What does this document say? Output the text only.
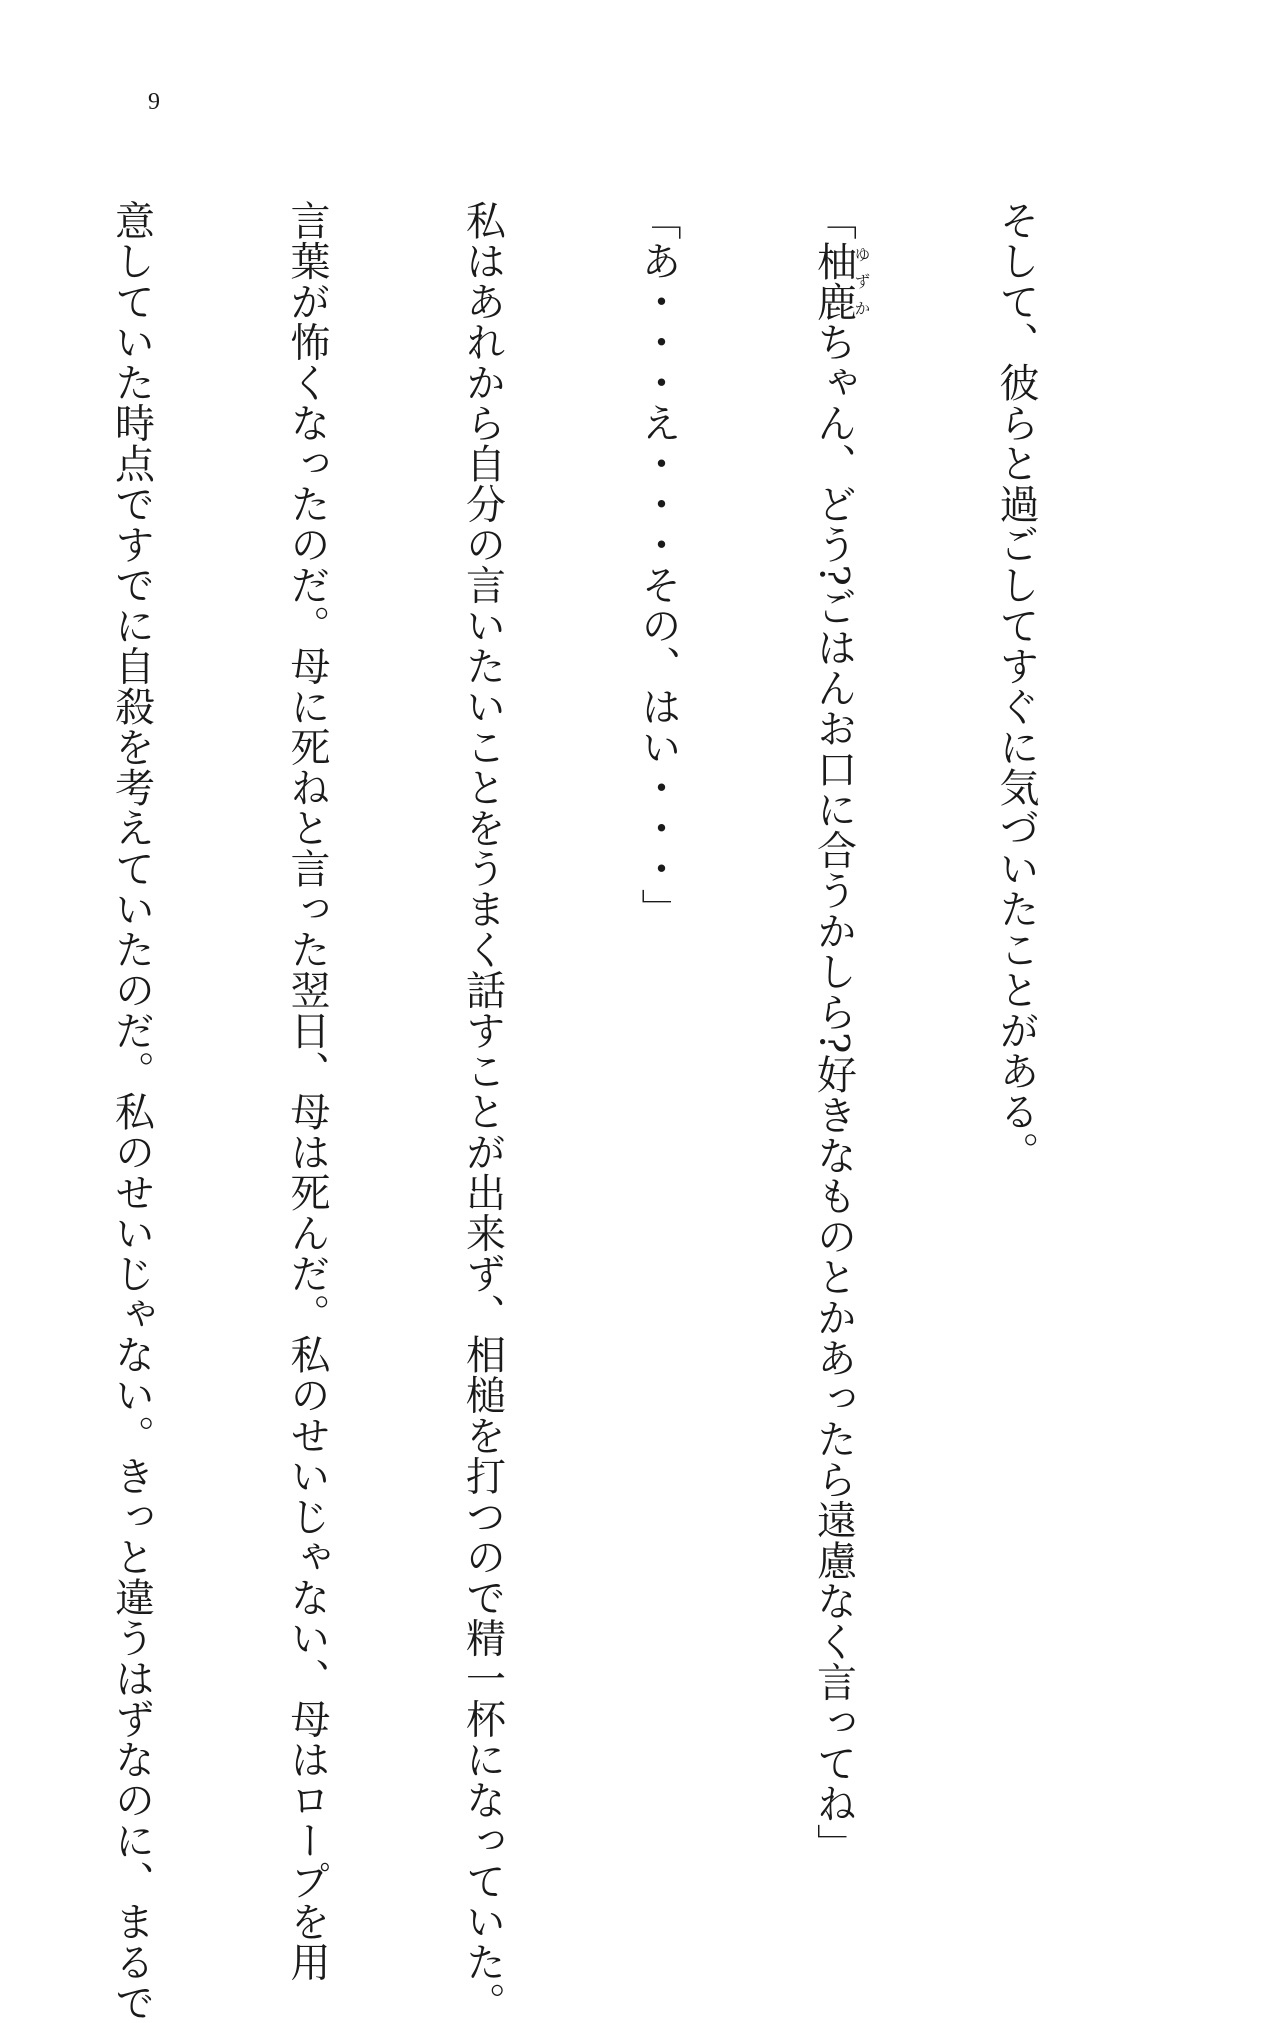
9

そして、彼らと過ごしてすぐに気づいたことがある。

「柚鹿ゆずかちゃん、どう?ごはんお口に合うかしら?好きなものとかあったら遠慮なく言ってね」

「あ・・・え・・・その、はい・・・」

私はあれから自分の言いたいことをうまく話すことが出来ず、相槌を打つので精一杯になっていた。

言葉が怖くなったのだ。母に死ねと言った翌日、母は死んだ。私のせいじゃない、母はロープを用

意していた時点ですでに自殺を考えていたのだ。私のせいじゃない。きっと違うはずなのに、まるで
